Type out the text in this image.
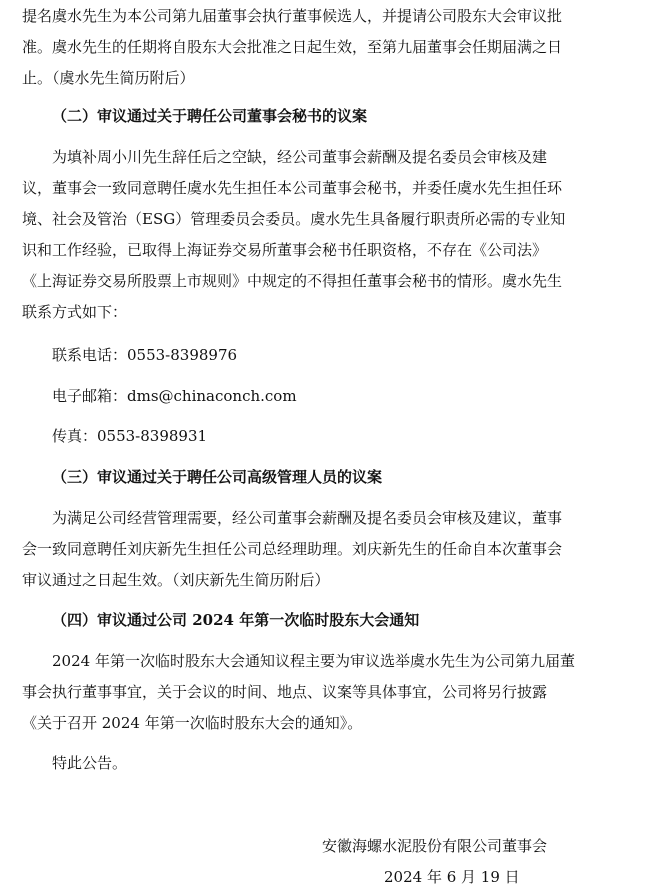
提名虞水先生为本公司第九届董事会执行董事候选人，并提请公司股东大会审议批
准。虞水先生的任期将自股东大会批准之日起生效，至第九届董事会任期届满之日
止。（虞水先生简历附后）
（二）审议通过关于聘任公司董事会秘书的议案
为填补周小川先生辞任后之空缺，经公司董事会薪酬及提名委员会审核及建
议，董事会一致同意聘任虞水先生担任本公司董事会秘书，并委任虞水先生担任环
境、社会及管治（ESG）管理委员会委员。虞水先生具备履行职责所必需的专业知
识和工作经验，已取得上海证券交易所董事会秘书任职资格，不存在《公司法》
《上海证券交易所股票上市规则》中规定的不得担任董事会秘书的情形。虞水先生
联系方式如下：
联系电话：0553-8398976
电子邮箱：dms@chinaconch.com
传真：0553-8398931
（三）审议通过关于聘任公司高级管理人员的议案
为满足公司经营管理需要，经公司董事会薪酬及提名委员会审核及建议，董事
会一致同意聘任刘庆新先生担任公司总经理助理。刘庆新先生的任命自本次董事会
审议通过之日起生效。（刘庆新先生简历附后）
（四）审议通过公司 2024 年第一次临时股东大会通知
2024 年第一次临时股东大会通知议程主要为审议选举虞水先生为公司第九届董
事会执行董事事宜，关于会议的时间、地点、议案等具体事宜，公司将另行披露
《关于召开 2024 年第一次临时股东大会的通知》。
特此公告。
安徽海螺水泥股份有限公司董事会
2024 年 6 月 19 日
